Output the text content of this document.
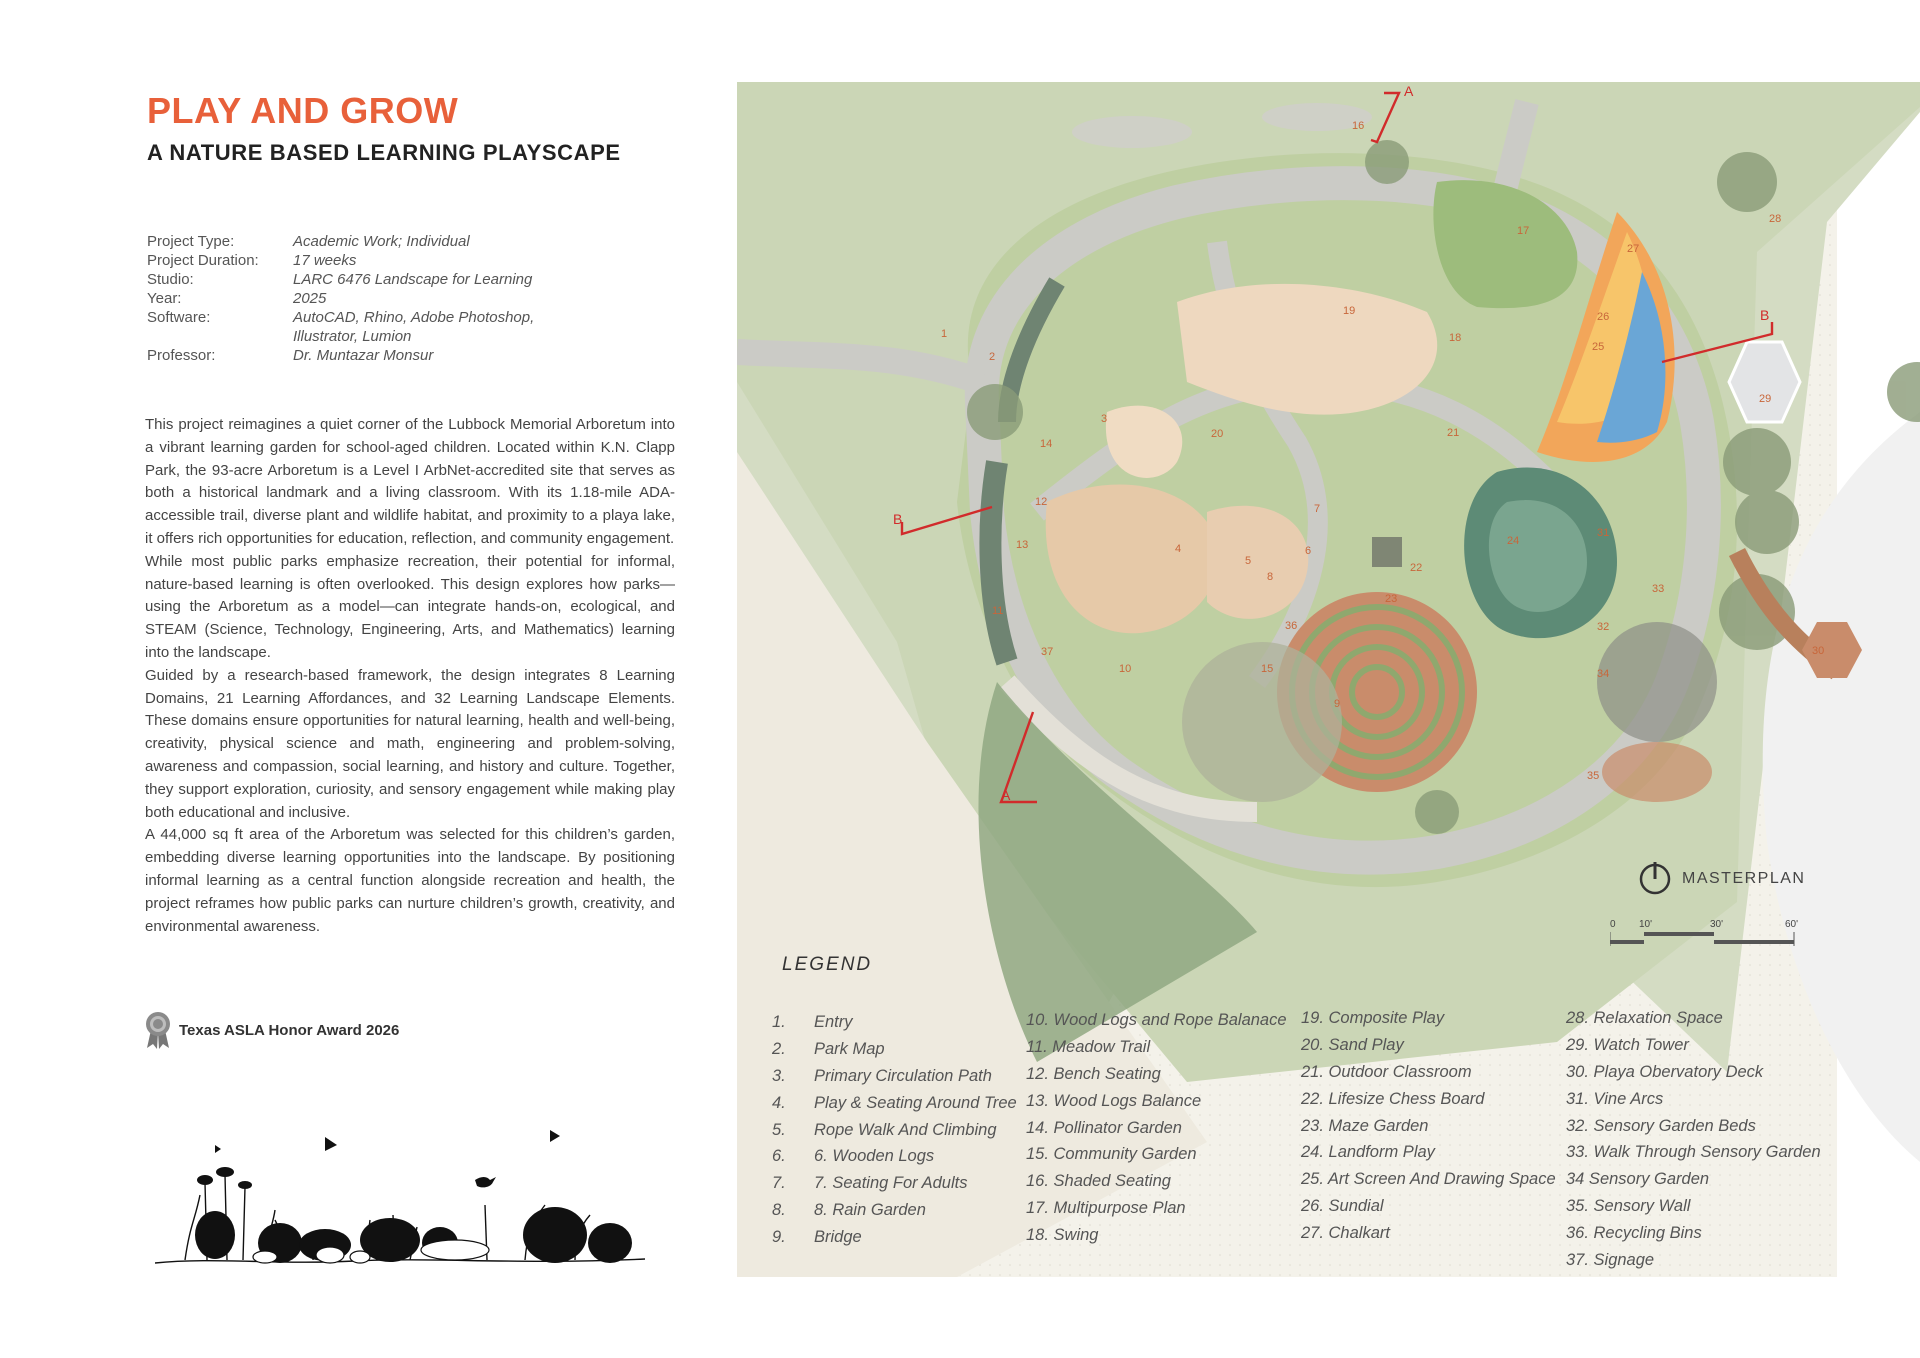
PLAY AND GROW
A NATURE BASED LEARNING PLAYSCAPE
Project Type:	Academic Work; Individual
Project Duration:	17 weeks
Studio:	LARC 6476 Landscape for Learning
Year:	2025
Software:	AutoCAD, Rhino, Adobe Photoshop,
Illustrator, Lumion
Professor:	Dr. Muntazar Monsur

This project reimagines a quiet corner of the Lubbock Memorial Arboretum into a vibrant learning garden for school-aged children. Located within K.N. Clapp Park, the 93-acre Arboretum is a Level I ArbNet-accredited site that serves as both a historical landmark and a living classroom. With its 1.18-mile ADA-accessible trail, diverse plant and wildlife habitat, and proximity to a playa lake, it offers rich opportunities for education, reflection, and community engagement.

While most public parks emphasize recreation, their potential for informal, nature-based learning is often overlooked. This design explores how parks—using the Arboretum as a model—can integrate hands-on, ecological, and STEAM (Science, Technology, Engineering, Arts, and Mathematics) learning into the landscape.

Guided by a research-based framework, the design integrates 8 Learning Domains, 21 Learning Affordances, and 32 Learning Landscape Elements. These domains ensure opportunities for natural learning, health and well-being, creativity, physical science and math, engineering and problem-solving, awareness and compassion, social learning, and history and culture. Together, they support exploration, curiosity, and sensory engagement while making play both educational and inclusive.

A 44,000 sq ft area of the Arboretum was selected for this children’s garden, embedding diverse learning opportunities into the landscape. By positioning informal learning as a central function alongside recreation and health, the project reframes how public parks can nurture children’s growth, creativity, and environmental awareness.

Texas ASLA Honor Award 2026
1
2
3
4
5
6
7
8
9
10
11
12
13
14
15
16
17
18
19
20	21
22
23
24
25
26
27
28
29
30
31
32
33
34
35
36
37
A
B
B
A
MASTERPLAN
0 10'	30'	60'
LEGEND
1.	Entry
2.	Park Map
3.	Primary Circulation Path
4.	Play & Seating Around Tree
5.	Rope Walk And Climbing
6.	6. Wooden Logs
7.	7. Seating For Adults
8.	8. Rain Garden
9.	Bridge
10. Wood Logs and Rope Balanace
11. Meadow Trail
12. Bench Seating
13. Wood Logs Balance
14. Pollinator Garden
15. Community Garden
16. Shaded Seating
17. Multipurpose Plan
18. Swing
19. Composite Play
20. Sand Play
21. Outdoor Classroom
22. Lifesize Chess Board
23. Maze Garden
24. Landform Play
25. Art Screen And Drawing Space
26. Sundial
27. Chalkart
28. Relaxation Space
29. Watch Tower
30. Playa Obervatory Deck
31. Vine Arcs
32. Sensory Garden Beds
33. Walk Through Sensory Garden
34 Sensory Garden
35. Sensory Wall
36. Recycling Bins
37. Signage
